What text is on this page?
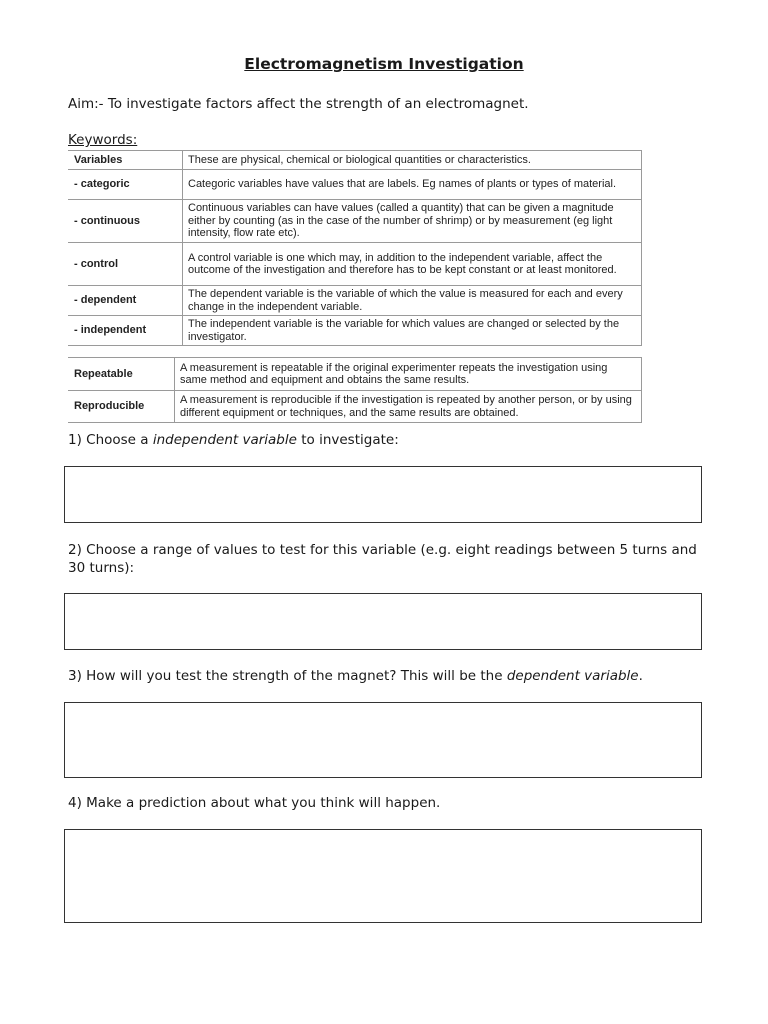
Electromagnetism Investigation
Aim:- To investigate factors affect the strength of an electromagnet.
Keywords:
Variables	These are physical, chemical or biological quantities or characteristics.
- categoric	Categoric variables have values that are labels. Eg names of plants or types of material.
- continuous	Continuous variables can have values (called a quantity) that can be given a magnitude either by counting (as in the case of the number of shrimp) or by measurement (eg light intensity, flow rate etc).
- control	A control variable is one which may, in addition to the independent variable, affect the outcome of the investigation and therefore has to be kept constant or at least monitored.
- dependent	The dependent variable is the variable of which the value is measured for each and every change in the independent variable.
- independent	The independent variable is the variable for which values are changed or selected by the investigator.
Repeatable	A measurement is repeatable if the original experimenter repeats the investigation using same method and equipment and obtains the same results.
Reproducible	A measurement is reproducible if the investigation is repeated by another person, or by using different equipment or techniques, and the same results are obtained.
1) Choose a independent variable to investigate:
2) Choose a range of values to test for this variable (e.g. eight readings between 5 turns and 30 turns):
3) How will you test the strength of the magnet? This will be the dependent variable.
4) Make a prediction about what you think will happen.
